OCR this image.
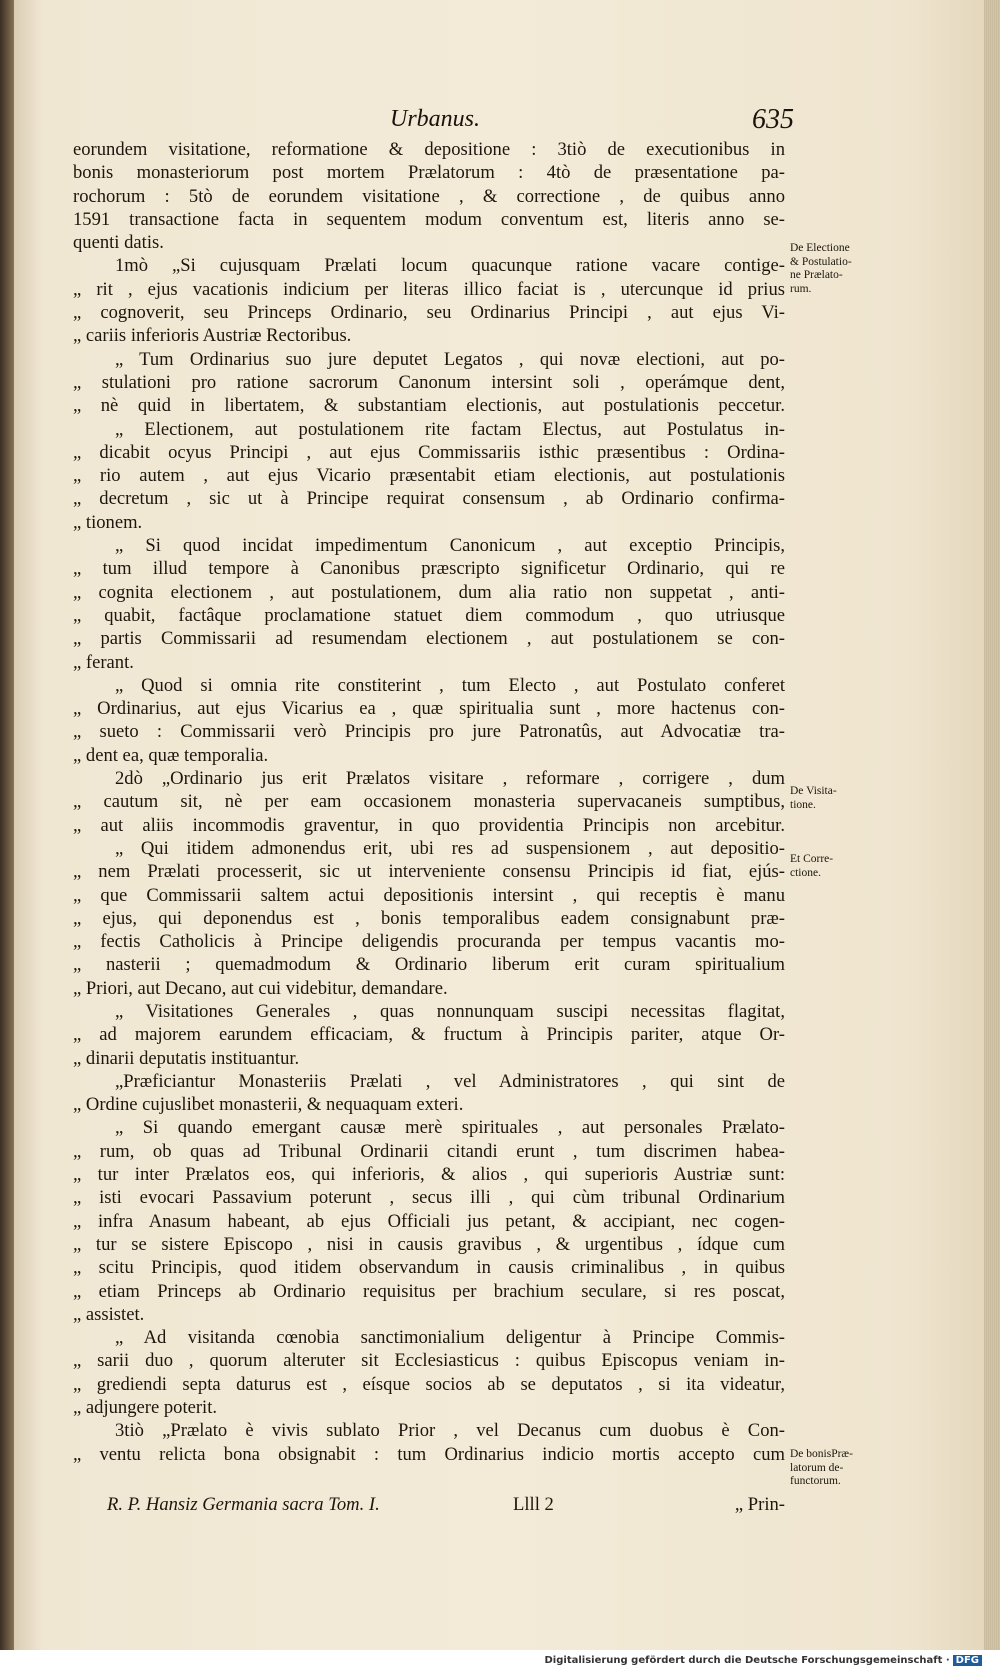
Urbanus.	635
eorundem visitatione, reformatione & depositione : 3tiò de executionibus in
bonis monasteriorum post mortem Prælatorum : 4tò de præsentatione pa-
rochorum : 5tò de eorundem visitatione , & correctione , de quibus anno
1591 transactione facta in sequentem modum conventum est, literis anno se-
quenti datis.
1mò „Si cujusquam Prælati locum quacunque ratione vacare contige-
„ rit , ejus vacationis indicium per literas illico faciat is , utercunque id prius
„ cognoverit, seu Princeps Ordinario, seu Ordinarius Principi , aut ejus Vi-
„ cariis inferioris Austriæ Rectoribus.
„ Tum Ordinarius suo jure deputet Legatos , qui novæ electioni, aut po-
„ stulationi pro ratione sacrorum Canonum intersint soli , operámque dent,
„ nè quid in libertatem, & substantiam electionis, aut postulationis peccetur.
„ Electionem, aut postulationem rite factam Electus, aut Postulatus in-
„ dicabit ocyus Principi , aut ejus Commissariis isthic præsentibus : Ordina-
„ rio autem , aut ejus Vicario præsentabit etiam electionis, aut postulationis
„ decretum , sic ut à Principe requirat consensum , ab Ordinario confirma-
„ tionem.
„ Si quod incidat impedimentum Canonicum , aut exceptio Principis,
„ tum illud tempore à Canonibus præscripto significetur Ordinario, qui re
„ cognita electionem , aut postulationem, dum alia ratio non suppetat , anti-
„ quabit, factâque proclamatione statuet diem commodum , quo utriusque
„ partis Commissarii ad resumendam electionem , aut postulationem se con-
„ ferant.
„ Quod si omnia rite constiterint , tum Electo , aut Postulato conferet
„ Ordinarius, aut ejus Vicarius ea , quæ spiritualia sunt , more hactenus con-
„ sueto : Commissarii verò Principis pro jure Patronatûs, aut Advocatiæ tra-
„ dent ea, quæ temporalia.
2dò „Ordinario jus erit Prælatos visitare , reformare , corrigere , dum
„ cautum sit, nè per eam occasionem monasteria supervacaneis sumptibus,
„ aut aliis incommodis graventur, in quo providentia Principis non arcebitur.
„ Qui itidem admonendus erit, ubi res ad suspensionem , aut depositio-
„ nem Prælati processerit, sic ut interveniente consensu Principis id fiat, ejús-
„ que Commissarii saltem actui depositionis intersint , qui receptis è manu
„ ejus, qui deponendus est , bonis temporalibus eadem consignabunt præ-
„ fectis Catholicis à Principe deligendis procuranda per tempus vacantis mo-
„ nasterii ; quemadmodum & Ordinario liberum erit curam spiritualium
„ Priori, aut Decano, aut cui videbitur, demandare.
„ Visitationes Generales , quas nonnunquam suscipi necessitas flagitat,
„ ad majorem earundem efficaciam, & fructum à Principis pariter, atque Or-
„ dinarii deputatis instituantur.
„Præficiantur Monasteriis Prælati , vel Administratores , qui sint de
„ Ordine cujuslibet monasterii, & nequaquam exteri.
„ Si quando emergant causæ merè spirituales , aut personales Prælato-
„ rum, ob quas ad Tribunal Ordinarii citandi erunt , tum discrimen habea-
„ tur inter Prælatos eos, qui inferioris, & alios , qui superioris Austriæ sunt:
„ isti evocari Passavium poterunt , secus illi , qui cùm tribunal Ordinarium
„ infra Anasum habeant, ab ejus Officiali jus petant, & accipiant, nec cogen-
„ tur se sistere Episcopo , nisi in causis gravibus , & urgentibus , ídque cum
„ scitu Principis, quod itidem observandum in causis criminalibus , in quibus
„ etiam Princeps ab Ordinario requisitus per brachium seculare, si res poscat,
„ assistet.
„ Ad visitanda cœnobia sanctimonialium deligentur à Principe Commis-
„ sarii duo , quorum alteruter sit Ecclesiasticus : quibus Episcopus veniam in-
„ grediendi septa daturus est , eísque socios ab se deputatos , si ita videatur,
„ adjungere poterit.
3tiò „Prælato è vivis sublato Prior , vel Decanus cum duobus è Con-
„ ventu relicta bona obsignabit : tum Ordinarius indicio mortis accepto cum
De Electione
& Postulatio-
ne Prælato-
rum.
De Visita-
tione.
Et Corre-
ctione.
De bonisPræ-
latorum de-
functorum.
R. P. Hansiz Germania sacra Tom. I.	Llll 2	„ Prin-
Digitalisierung gefördert durch die Deutsche Forschungsgemeinschaft · DFG
